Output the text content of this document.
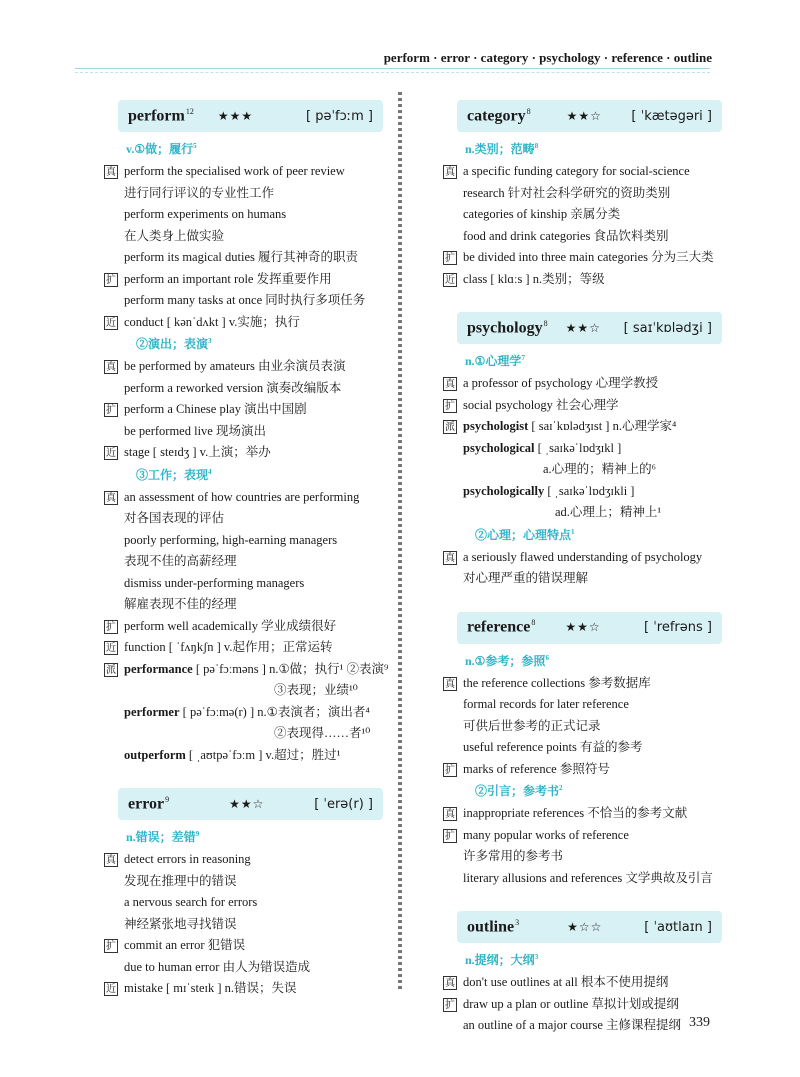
perform · error · category · psychology · reference · outline
perform$^{12}$ ★★★	[ pəˈfɔːm ]
v.①做；履行$^5$
真 perform the specialised work of peer review
进行同行评议的专业性工作
perform experiments on humans
在人类身上做实验
perform its magical duties 履行其神奇的职责
扩 perform an important role 发挥重要作用
perform many tasks at once 同时执行多项任务
近 conduct [ kənˈdʌkt ] v.实施；执行
②演出；表演$^3$
真 be performed by amateurs 由业余演员表演
perform a reworked version 演奏改编版本
扩 perform a Chinese play 演出中国剧
be performed live 现场演出
近 stage [ steɪdʒ ] v.上演；举办
③工作；表现$^4$
真 an assessment of how countries are performing
对各国表现的评估
poorly performing, high-earning managers
表现不佳的高薪经理
dismiss under-performing managers
解雇表现不佳的经理
扩 perform well academically 学业成绩很好
近 function [ ˈfʌŋkʃn ] v.起作用；正常运转
派 performance [ pəˈfɔːməns ] n.①做；执行¹ ②表演⁹
③表现；业绩¹⁰
performer [ pəˈfɔːmə(r) ] n.①表演者；演出者⁴
②表现得……者¹⁰
outperform [ ˌaʊtpəˈfɔːm ] v.超过；胜过¹
error$^9$	★★☆	[ ˈerə(r) ]
n.错误；差错$^9$
真 detect errors in reasoning
发现在推理中的错误
a nervous search for errors
神经紧张地寻找错误
扩 commit an error 犯错误
due to human error 由人为错误造成
近 mistake [ mɪˈsteɪk ] n.错误；失误
category$^8$	★★☆ [ ˈkætəgəri ]
n.类别；范畴$^8$
真 a specific funding category for social-science
research 针对社会科学研究的资助类别
categories of kinship 亲属分类
food and drink categories 食品饮料类别
扩 be divided into three main categories 分为三大类
近 class [ klɑːs ] n.类别；等级
psychology$^8$ ★★☆ [ saɪˈkɒlədʒi ]
n.①心理学$^7$
真 a professor of psychology 心理学教授
扩 social psychology 社会心理学
派 psychologist [ saɪˈkɒlədʒɪst ] n.心理学家⁴
psychological [ ˌsaɪkəˈlɒdʒɪkl ]
a.心理的；精神上的⁶
psychologically [ ˌsaɪkəˈlɒdʒɪkli ]
ad.心理上；精神上¹
②心理；心理特点$^1$
真 a seriously flawed understanding of psychology
对心理严重的错误理解
reference$^8$	★★☆	[ ˈrefrəns ]
n.①参考；参照$^6$
真 the reference collections 参考数据库
formal records for later reference
可供后世参考的正式记录
useful reference points 有益的参考
扩 marks of reference 参照符号
②引言；参考书$^2$
真 inappropriate references 不恰当的参考文献
扩 many popular works of reference
许多常用的参考书
literary allusions and references 文学典故及引言
outline$^3$	★☆☆	[ ˈaʊtlaɪn ]
n.提纲；大纲$^3$
真 don't use outlines at all 根本不使用提纲
扩 draw up a plan or outline 草拟计划或提纲
an outline of a major course 主修课程提纲 339
